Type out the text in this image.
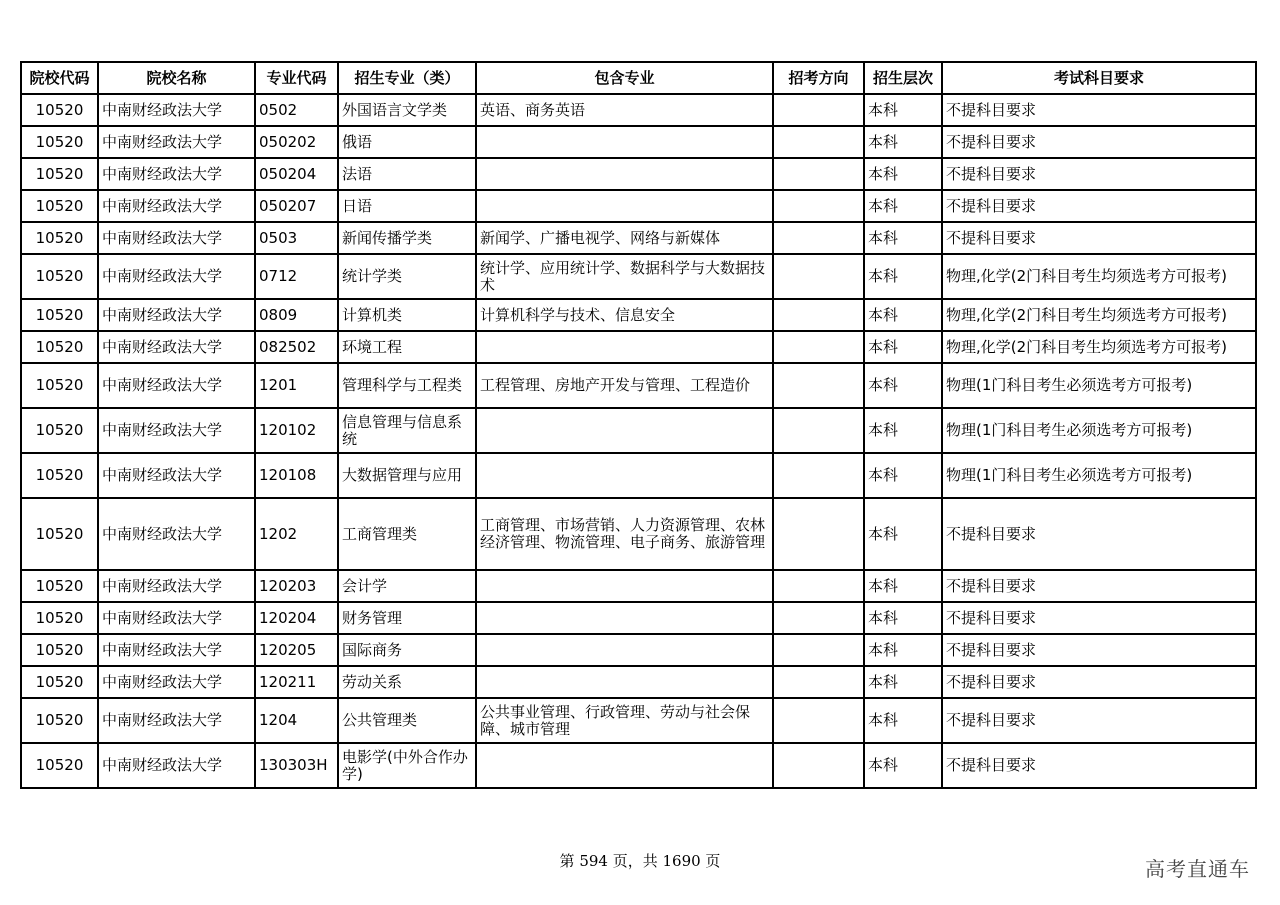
院校代码	院校名称	专业代码	招生专业（类）	包含专业	招考方向	招生层次	考试科目要求
10520	中南财经政法大学	0502	外国语言文学类	英语、商务英语		本科	不提科目要求
10520	中南财经政法大学	050202	俄语			本科	不提科目要求
10520	中南财经政法大学	050204	法语			本科	不提科目要求
10520	中南财经政法大学	050207	日语			本科	不提科目要求
10520	中南财经政法大学	0503	新闻传播学类	新闻学、广播电视学、网络与新媒体		本科	不提科目要求
10520	中南财经政法大学	0712	统计学类	统计学、应用统计学、数据科学与大数据技术		本科	物理,化学(2门科目考生均须选考方可报考)
10520	中南财经政法大学	0809	计算机类	计算机科学与技术、信息安全		本科	物理,化学(2门科目考生均须选考方可报考)
10520	中南财经政法大学	082502	环境工程			本科	物理,化学(2门科目考生均须选考方可报考)
10520	中南财经政法大学	1201	管理科学与工程类	工程管理、房地产开发与管理、工程造价		本科	物理(1门科目考生必须选考方可报考)
10520	中南财经政法大学	120102	信息管理与信息系统			本科	物理(1门科目考生必须选考方可报考)
10520	中南财经政法大学	120108	大数据管理与应用			本科	物理(1门科目考生必须选考方可报考)
10520	中南财经政法大学	1202	工商管理类	工商管理、市场营销、人力资源管理、农林经济管理、物流管理、电子商务、旅游管理		本科	不提科目要求
10520	中南财经政法大学	120203	会计学			本科	不提科目要求
10520	中南财经政法大学	120204	财务管理			本科	不提科目要求
10520	中南财经政法大学	120205	国际商务			本科	不提科目要求
10520	中南财经政法大学	120211	劳动关系			本科	不提科目要求
10520	中南财经政法大学	1204	公共管理类	公共事业管理、行政管理、劳动与社会保障、城市管理		本科	不提科目要求
10520	中南财经政法大学	130303H	电影学(中外合作办学)			本科	不提科目要求
第 594 页，共 1690 页	高考直通车
